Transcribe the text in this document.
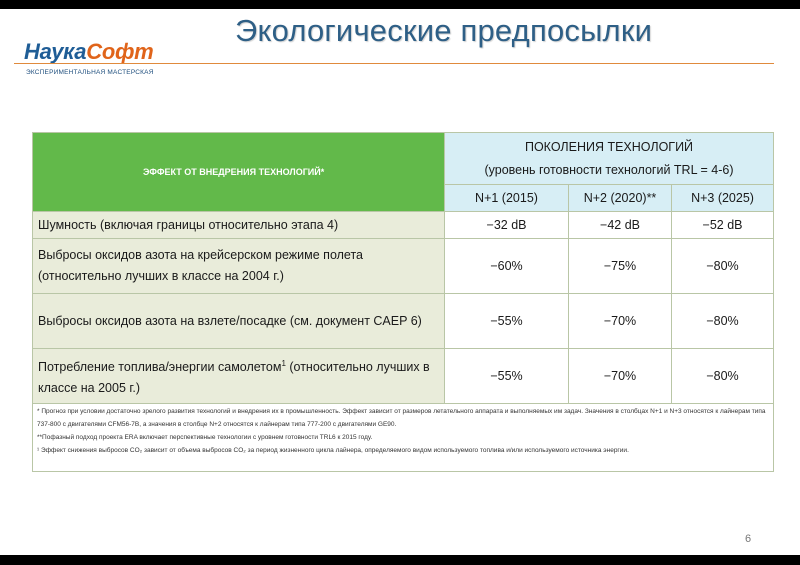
Экологические предпосылки
НаукаСофт
ЭКСПЕРИМЕНТАЛЬНАЯ МАСТЕРСКАЯ
ЭФФЕКТ ОТ ВНЕДРЕНИЯ ТЕХНОЛОГИЙ*	ПОКОЛЕНИЯ ТЕХНОЛОГИЙ
(уровень готовности технологий TRL = 4-6)		

	N+1 (2015)	N+2 (2020)**	N+3 (2025)
Шумность (включая границы относительно этапа 4)	−32 dB	−42 dB	−52 dB
Выбросы оксидов азота на крейсерском режиме полета (относительно лучших в классе на 2004 г.)	−60%	−75%	−80%
Выбросы оксидов азота на взлете/посадке (см. документ CAEP 6)	−55%	−70%	−80%
Потребление топлива/энергии самолетом$^1$ (относительно лучших в классе на 2005 г.)	−55%	−70%	−80%

* Прогноз при условии достаточно зрелого развития технологий и внедрения их в промышленность. Эффект зависит от размеров летательного аппарата и выполняемых им задач. Значения в столбцах N+1 и N+3 относятся к лайнерам типа 737-800 с двигателями CFM56-7B, а значения в столбце N+2 относятся к лайнерам типа 777-200 с двигателями GE90.
**Пофазный подход проекта ERA включает перспективные технологии с уровнем готовности TRL6 к 2015 году.
¹ Эффект снижения выбросов CO₂ зависит от объема выбросов CO₂ за период жизненного цикла лайнера, определяемого видом используемого топлива и/или используемого источника энергии.			
6
